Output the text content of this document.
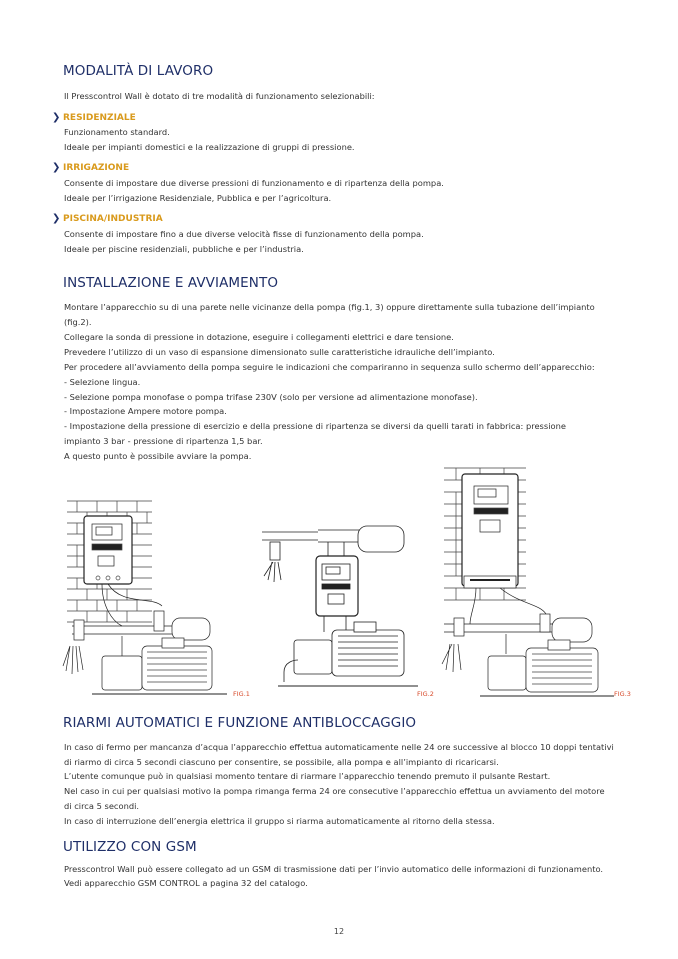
MODALITÀ DI LAVORO
Il Presscontrol Wall è dotato di tre modalità di funzionamento selezionabili:
❯ RESIDENZIALE
Funzionamento standard.
Ideale per impianti domestici e la realizzazione di gruppi di pressione.
❯ IRRIGAZIONE
Consente di impostare due diverse pressioni di funzionamento e di ripartenza della pompa.
Ideale per l’irrigazione Residenziale, Pubblica e per l’agricoltura.
❯ PISCINA/INDUSTRIA
Consente di impostare fino a due diverse velocità fisse di funzionamento della pompa.
Ideale per piscine residenziali, pubbliche e per l’industria.
INSTALLAZIONE E AVVIAMENTO
Montare l’apparecchio su di una parete nelle vicinanze della pompa (fig.1, 3) oppure direttamente sulla tubazione dell’impianto
(fig.2).
Collegare la sonda di pressione in dotazione, eseguire i collegamenti elettrici e dare tensione.
Prevedere l’utilizzo di un vaso di espansione dimensionato sulle caratteristiche idrauliche dell’impianto.
Per procedere all’avviamento della pompa seguire le indicazioni che compariranno in sequenza sullo schermo dell’apparecchio:
- Selezione lingua.
- Selezione pompa monofase o pompa trifase 230V (solo per versione ad alimentazione monofase).
- Impostazione Ampere motore pompa.
- Impostazione della pressione di esercizio e della pressione di ripartenza se diversi da quelli tarati in fabbrica: pressione
impianto 3 bar - pressione di ripartenza 1,5 bar.
A questo punto è possibile avviare la pompa.
FIG.1	FIG.2	FIG.3
RIARMI AUTOMATICI E FUNZIONE ANTIBLOCCAGGIO
In caso di fermo per mancanza d’acqua l’apparecchio effettua automaticamente nelle 24 ore successive al blocco 10 doppi tentativi
di riarmo di circa 5 secondi ciascuno per consentire, se possibile, alla pompa e all’impianto di ricaricarsi.
L’utente comunque può in qualsiasi momento tentare di riarmare l’apparecchio tenendo premuto il pulsante Restart.
Nel caso in cui per qualsiasi motivo la pompa rimanga ferma 24 ore consecutive l’apparecchio effettua un avviamento del motore
di circa 5 secondi.
In caso di interruzione dell’energia elettrica il gruppo si riarma automaticamente al ritorno della stessa.
UTILIZZO CON GSM
Presscontrol Wall può essere collegato ad un GSM di trasmissione dati per l’invio automatico delle informazioni di funzionamento.
Vedi apparecchio GSM CONTROL a pagina 32 del catalogo.
12
